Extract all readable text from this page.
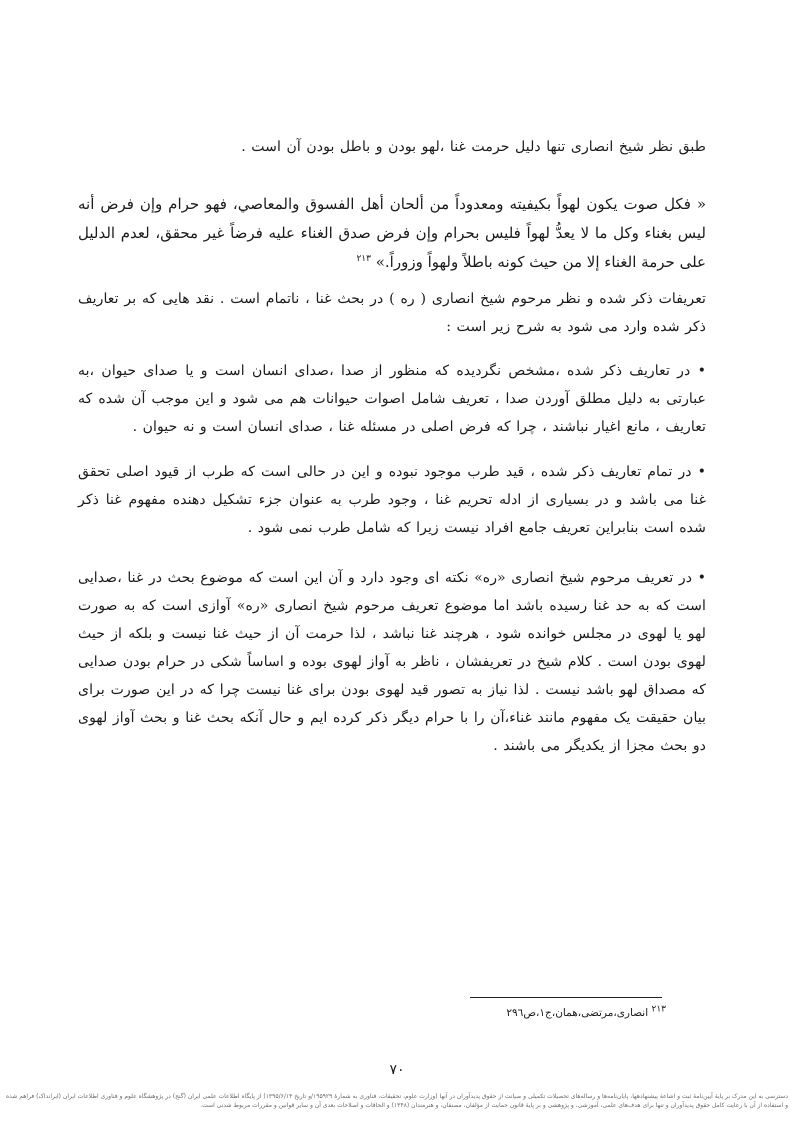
طبق نظر شیخ انصاری تنها دلیل حرمت غنا ،لهو بودن و باطل بودن آن است .

« فكل صوت يكون لهواً بكيفيته ومعدوداً من ألحان أهل الفسوق والمعاصي، فهو حرام وإن فرض أنه ليس بغناء وكل ما لا يعدُّ لهواً فليس بحرام وإن فرض صدق الغناء عليه فرضاً غير محقق، لعدم الدليل على حرمة الغناء إلا من حيث كونه باطلاً ولهواً وزوراً.» $^{۲۱۳}$

تعریفات ذکر شده و نظر مرحوم شیخ انصاری ( ره ) در بحث غنا ، ناتمام است . نقد هایی که بر تعاریف ذکر شده وارد می شود به شرح زیر است :

• در تعاریف ذکر شده ،مشخص نگردیده که منظور از صدا ،صدای انسان است و یا صدای حیوان ،به عبارتی به دلیل مطلق آوردن صدا ، تعریف شامل اصوات حیوانات هم می شود و این موجب آن شده که تعاریف ، مانع اغیار نباشند ، چرا که فرض اصلی در مسئله غنا ، صدای انسان است و نه حیوان .

• در تمام تعاریف ذکر شده ، قید طرب موجود نبوده و این در حالی است که طرب از قیود اصلی تحقق غنا می باشد و در بسیاری از ادله تحریم غنا ، وجود طرب به عنوان جزء تشکیل دهنده مفهوم غنا ذکر شده است بنابراین تعریف جامع افراد نیست زیرا که شامل طرب نمی شود .

• در تعریف مرحوم شیخ انصاری «ره» نکته ای وجود دارد و آن این است که موضوع بحث در غنا ،صدایی است که به حد غنا رسیده باشد اما موضوع تعریف مرحوم شیخ انصاری «ره» آوازی است که به صورت لهو یا لهوی در مجلس خوانده شود ، هرچند غنا نباشد ، لذا حرمت آن از حیث غنا نیست و بلکه از حیث لهوی بودن است . کلام شیخ در تعریفشان ، ناظر به آواز لهوی بوده و اساساً شکی در حرام بودن صدایی که مصداق لهو باشد نیست . لذا نیاز به تصور قید لهوی بودن برای غنا نیست چرا که در این صورت برای بیان حقیقت یک مفهوم مانند غناء،آن را با حرام دیگر ذکر کرده ایم و حال آنکه بحث غنا و بحث آواز لهوی دو بحث مجزا از یکدیگر می باشند .

$^{۲۱۳}$ انصاری،مرتضی،همان،ج۱،ص۲۹٦
۷۰
دسترسی به این مدرک بر پایهٔ آیین‌نامهٔ ثبت و اشاعهٔ پیشنهادهها، پایان‌نامه‌ها و رساله‌های تحصیلات تکمیلی و صیانت از حقوق پدیدآوران در آنها (وزارت علوم، تحقیقات، فناوری به شمارهٔ ۱۹۵۹۲۹/و تاریخ ۱۳۹۵/۶/۱۴) از پایگاه اطلاعات علمی ایران (گنج) در پژوهشگاه علوم و فناوری اطلاعات ایران (ایرانداک) فراهم شده و استفاده از آن با رعایت کامل حقوق پدیدآوران و تنها برای هدف‌های علمی، آموزشی، و پژوهشی و بر پایهٔ قانون حمایت از مؤلفان، مصنفان، و هنرمندان (۱۳۴۸) و الحاقات و اصلاحات بعدی آن و سایر قوانین و مقررات مربوط شدنی است.
